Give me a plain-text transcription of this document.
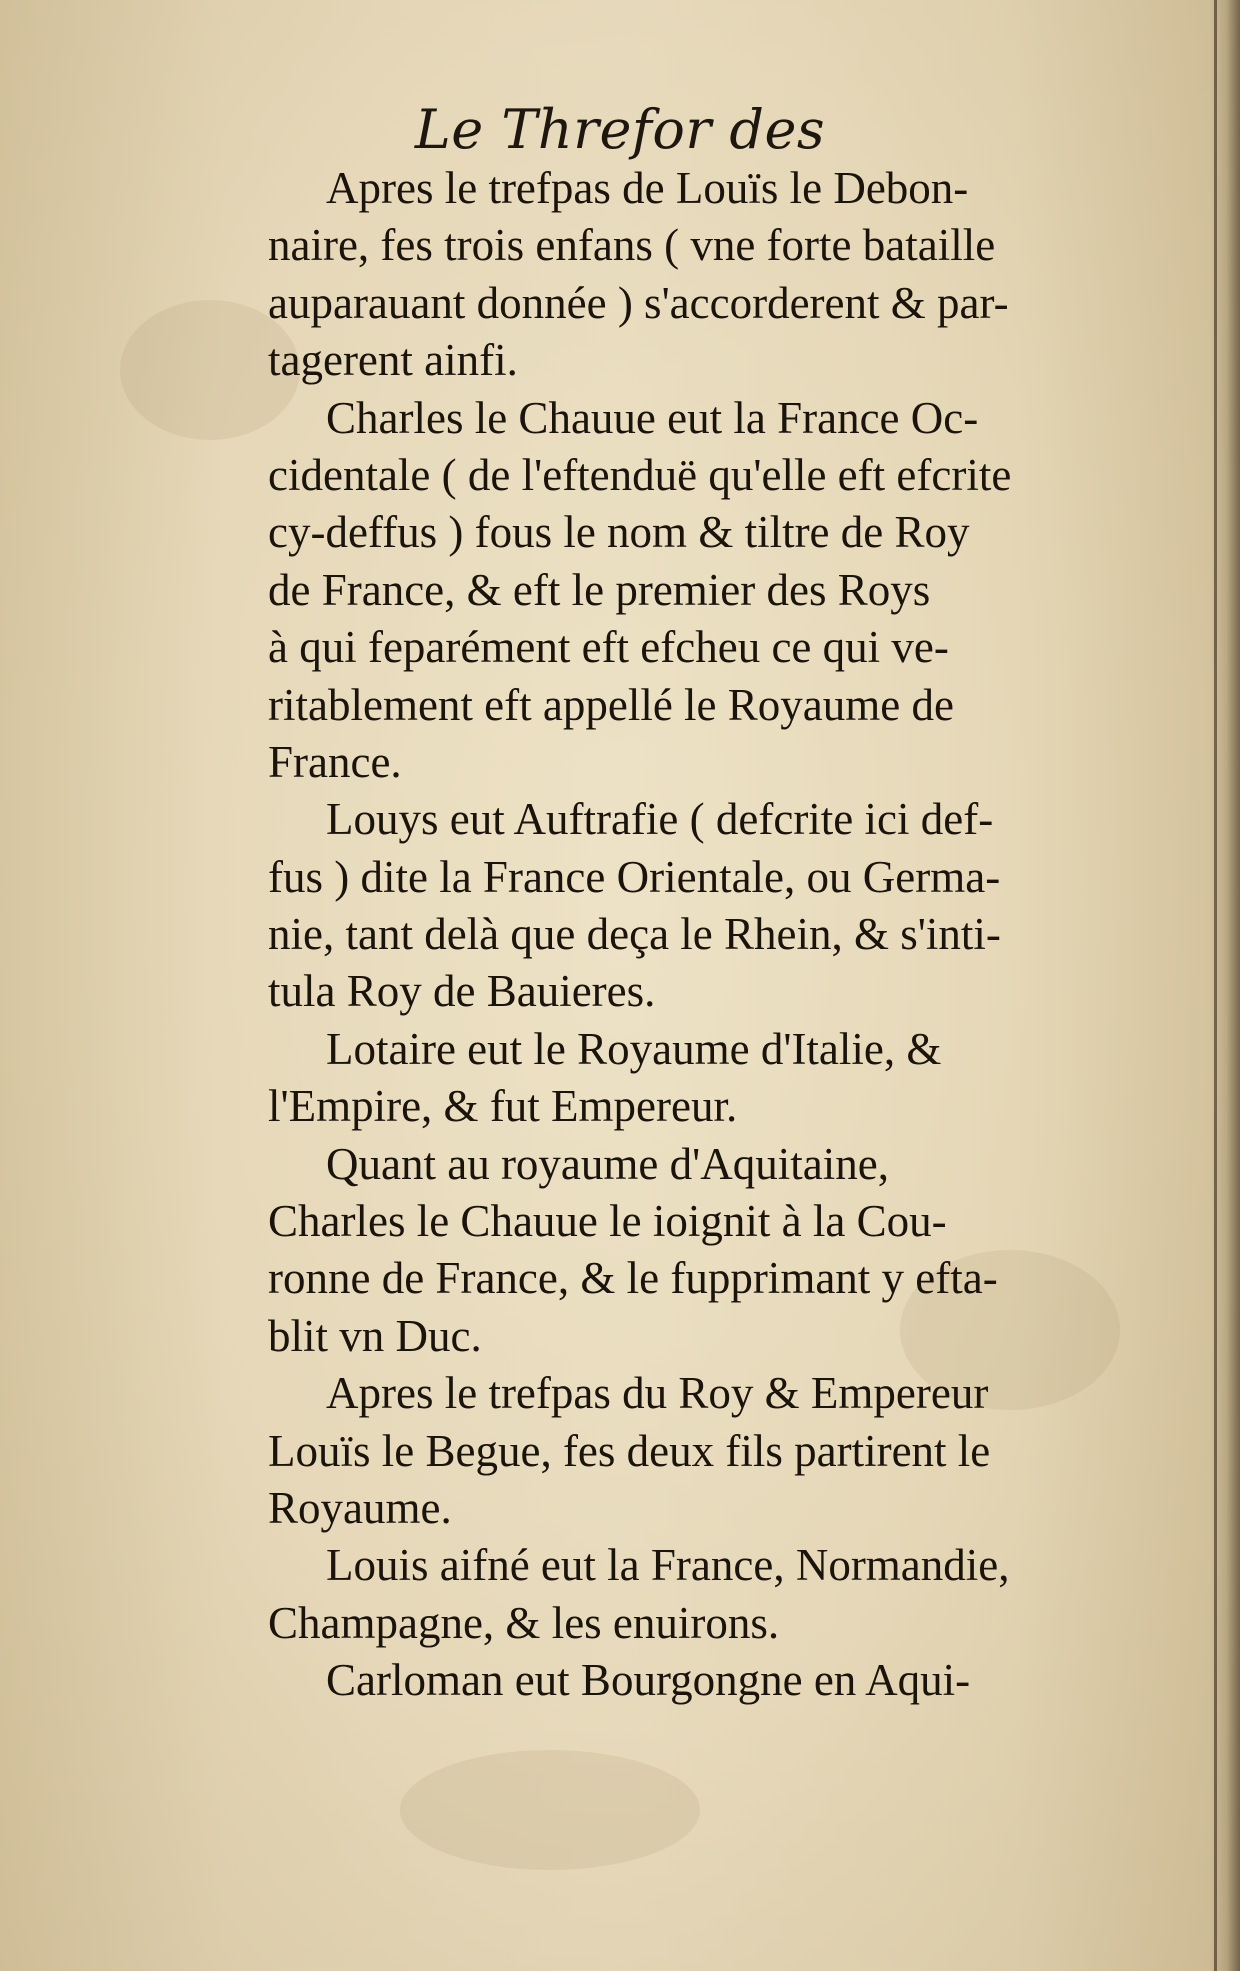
Le Threfor des
Apres le trefpas de Louïs le Debon-
naire, fes trois enfans ( vne forte bataille
auparauant donnée ) s'accorderent & par-
tagerent ainfi.
Charles le Chauue eut la France Oc-
cidentale ( de l'eftenduë qu'elle eft efcrite
cy-deffus ) fous le nom & tiltre de Roy
de France, & eft le premier des Roys
à qui feparément eft efcheu ce qui ve-
ritablement eft appellé le Royaume de
France.
Louys eut Auftrafie ( defcrite ici def-
fus ) dite la France Orientale, ou Germa-
nie, tant delà que deça le Rhein, & s'inti-
tula Roy de Bauieres.
Lotaire eut le Royaume d'Italie, &
l'Empire, & fut Empereur.
Quant au royaume d'Aquitaine,
Charles le Chauue le ioignit à la Cou-
ronne de France, & le fupprimant y efta-
blit vn Duc.
Apres le trefpas du Roy & Empereur
Louïs le Begue, fes deux fils partirent le
Royaume.
Louis aifné eut la France, Normandie,
Champagne, & les enuirons.
Carloman eut Bourgongne en Aqui-
